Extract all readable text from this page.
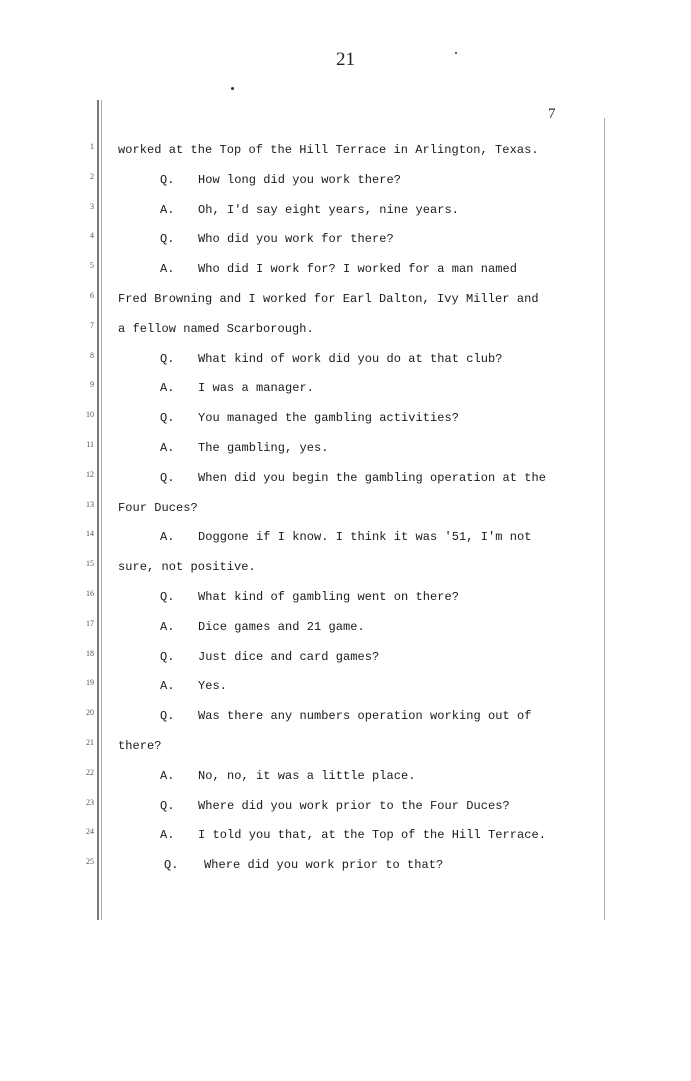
21
7
1
2
3
4
5
6
7
8
9
10
11
12
13
14
15
16
17
18
19
20
21
22
23
24
25
worked at the Top of the Hill Terrace in Arlington, Texas.
Q. How long did you work there?
A. Oh, I'd say eight years, nine years.
Q. Who did you work for there?
A. Who did I work for? I worked for a man named
Fred Browning and I worked for Earl Dalton, Ivy Miller and
a fellow named Scarborough.
Q. What kind of work did you do at that club?
A. I was a manager.
Q. You managed the gambling activities?
A. The gambling, yes.
Q. When did you begin the gambling operation at the
Four Duces?
A. Doggone if I know. I think it was '51, I'm not
sure, not positive.
Q. What kind of gambling went on there?
A. Dice games and 21 game.
Q. Just dice and card games?
A. Yes.
Q. Was there any numbers operation working out of
there?
A. No, no, it was a little place.
Q. Where did you work prior to the Four Duces?
A. I told you that, at the Top of the Hill Terrace.
Q. Where did you work prior to that?
